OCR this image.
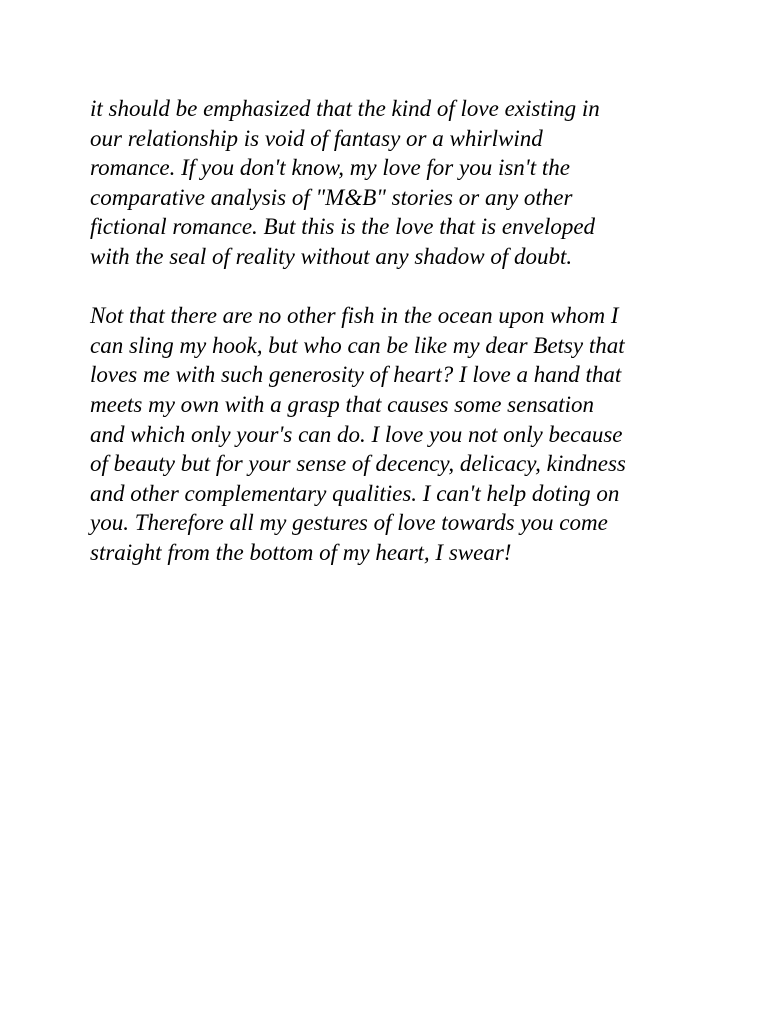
it should be emphasized that the kind of love existing in
our relationship is void of fantasy or a whirlwind
romance. If you don't know, my love for you isn't the
comparative analysis of "M&B" stories or any other
fictional romance. But this is the love that is enveloped
with the seal of reality without any shadow of doubt.
Not that there are no other fish in the ocean upon whom I
can sling my hook, but who can be like my dear Betsy that
loves me with such generosity of heart? I love a hand that
meets my own with a grasp that causes some sensation
and which only your's can do. I love you not only because
of beauty but for your sense of decency, delicacy, kindness
and other complementary qualities. I can't help doting on
you. Therefore all my gestures of love towards you come
straight from the bottom of my heart, I swear!
